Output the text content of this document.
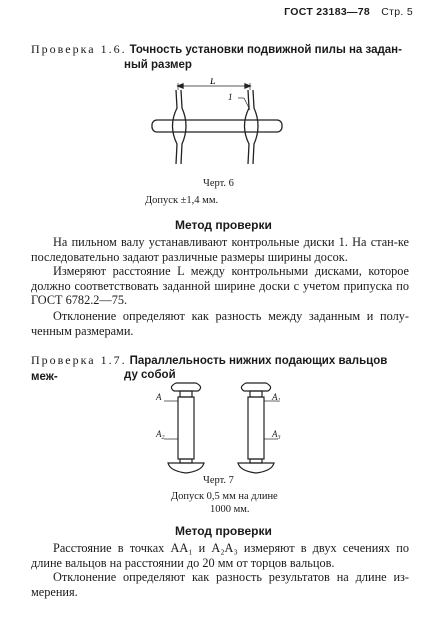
ГОСТ 23183—78 Стр. 5
Проверка 1.6. Точность установки подвижной пилы на задан-
ный размер
L
1
Черт. 6
Допуск ±1,4 мм.
Метод проверки
На пильном валу устанавливают контрольные диски 1. На стан-ке последовательно задают различные размеры ширины досок.
Измеряют расстояние L между контрольными дисками, которое должно соответствовать заданной ширине доски с учетом припуска по ГОСТ 6782.2—75.
Отклонение определяют как разность между заданным и полу-ченным размерами.
Проверка 1.7. Параллельность нижних подающих вальцов меж-	ду собой
A	$A_1$
$A_2$	$A_3$
Черт. 7
Допуск 0,5 мм на длине
1000 мм.
Метод проверки
Расстояние в точках AA₁ и A₂A₃ измеряют в двух сечениях по длине вальцов на расстоянии до 20 мм от торцов вальцов.
Отклонение определяют как разность результатов на длине из-мерения.
